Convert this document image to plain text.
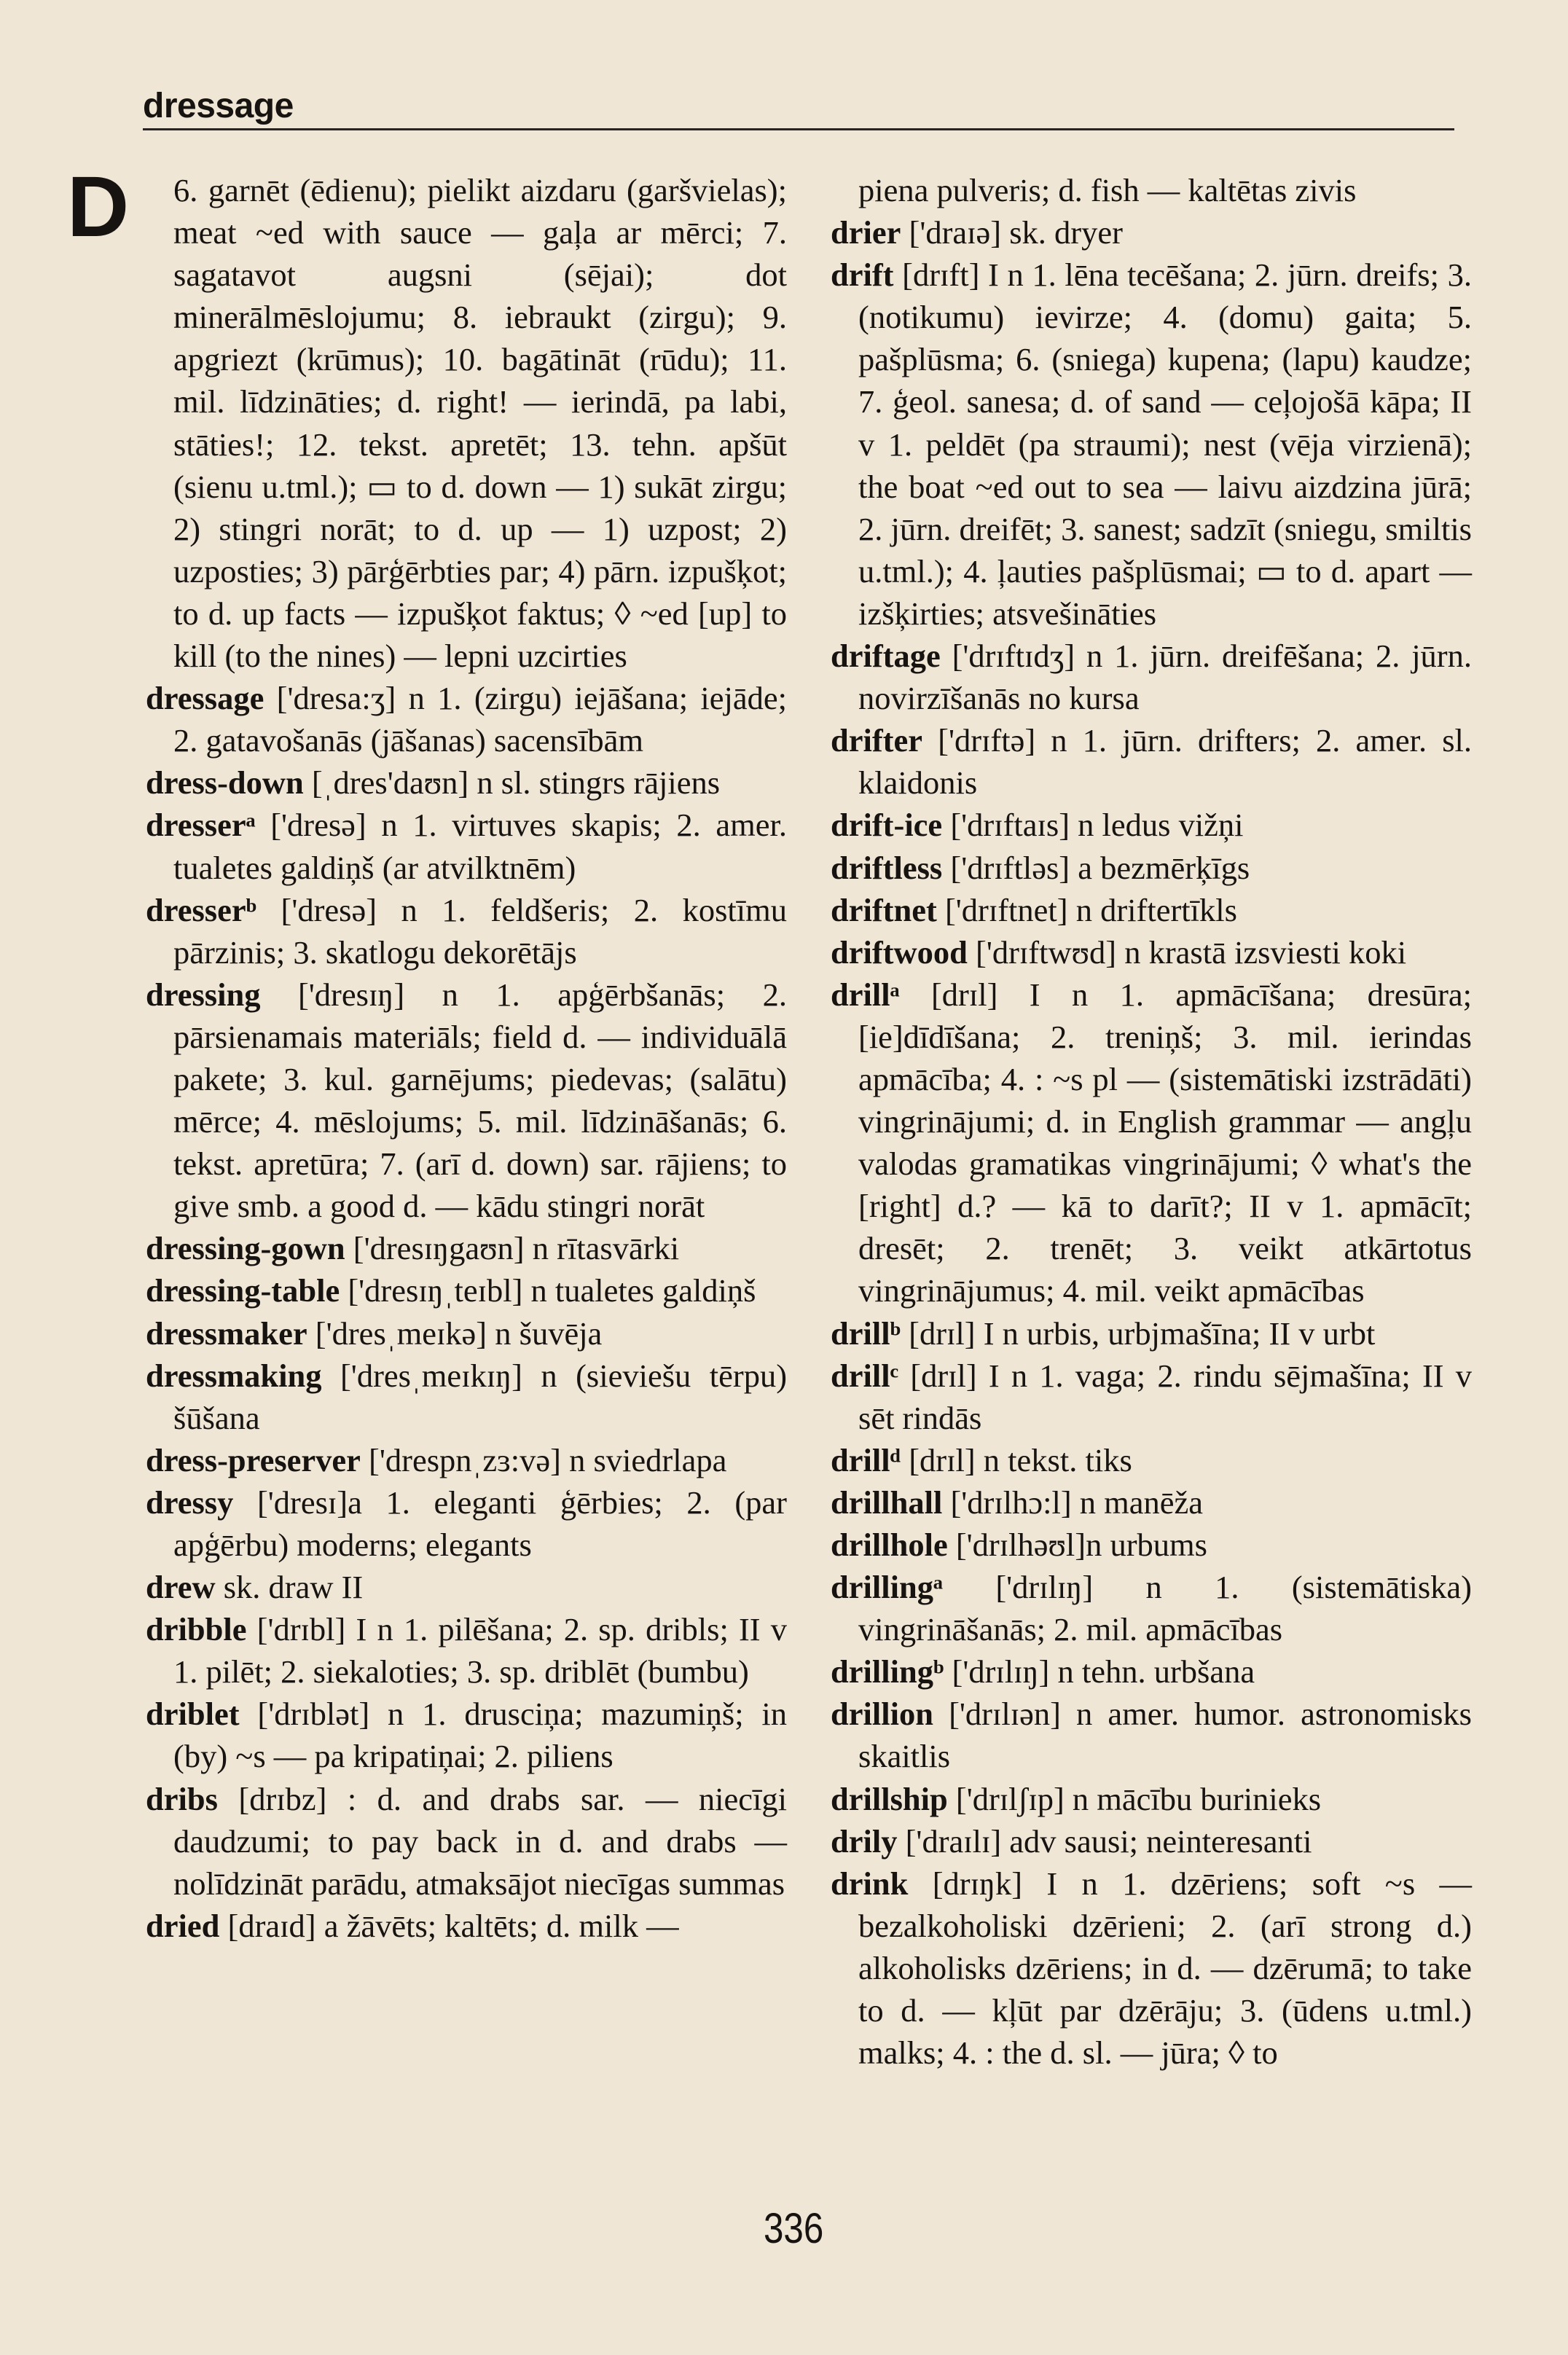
dressage
D	6. garnēt (ēdienu); pielikt aizdaru (garšvielas); meat ~ed with sauce — gaļa ar mērci; 7. sagatavot augsni (sējai); dot minerālmēslojumu; 8. iebraukt (zirgu); 9. apgriezt (krūmus); 10. bagātināt (rūdu); 11. mil. līdzināties; d. right! — ierindā, pa labi, stāties!; 12. tekst. apretēt; 13. tehn. apšūt (sienu u.tml.); ▭ to d. down — 1) sukāt zirgu; 2) stingri norāt; to d. up — 1) uzpost; 2) uzposties; 3) pārģērbties par; 4) pārn. izpušķot; to d. up facts — izpušķot faktus; ◊ ~ed [up] to kill (to the nines) — lepni uzcirties
dressage ['dresa:ʒ] n 1. (zirgu) iejāšana; iejāde; 2. gatavošanās (jāšanas) sacensībām
dress-down [ˌdres'daʊn] n sl. stingrs rājiens
dresserᵃ ['dresə] n 1. virtuves skapis; 2. amer. tualetes galdiņš (ar atvilktnēm)
dresserᵇ ['dresə] n 1. feldšeris; 2. kostīmu pārzinis; 3. skatlogu dekorētājs
dressing ['dresɪŋ] n 1. apģērbšanās; 2. pārsienamais materiāls; field d. — individuālā pakete; 3. kul. garnējums; piedevas; (salātu) mērce; 4. mēslojums; 5. mil. līdzināšanās; 6. tekst. apretūra; 7. (arī d. down) sar. rājiens; to give smb. a good d. — kādu stingri norāt
dressing-gown ['dresɪŋgaʊn] n rītasvārki
dressing-table ['dresɪŋˌteɪbl] n tualetes galdiņš
dressmaker ['dresˌmeɪkə] n šuvēja
dressmaking ['dresˌmeɪkɪŋ] n (sieviešu tērpu) šūšana
dress-preserver ['drespnˌzɜ:və] n sviedrlapa
dressy ['dresɪ]a 1. eleganti ģērbies; 2. (par apģērbu) moderns; elegants
drew sk. draw II
dribble ['drɪbl] I n 1. pilēšana; 2. sp. dribls; II v 1. pilēt; 2. siekaloties; 3. sp. driblēt (bumbu)
driblet ['drɪblət] n 1. drusciņa; mazumiņš; in (by) ~s — pa kripatiņai; 2. piliens
dribs [drɪbz] : d. and drabs sar. — niecīgi daudzumi; to pay back in d. and drabs — nolīdzināt parādu, atmaksājot niecīgas summas
dried [draɪd] a žāvēts; kaltēts; d. milk —
piena pulveris; d. fish — kaltētas zivis
drier ['draɪə] sk. dryer
drift [drɪft] I n 1. lēna tecēšana; 2. jūrn. dreifs; 3. (notikumu) ievirze; 4. (domu) gaita; 5. pašplūsma; 6. (sniega) kupena; (lapu) kaudze; 7. ģeol. sanesa; d. of sand — ceļojošā kāpa; II v 1. peldēt (pa straumi); nest (vēja virzienā); the boat ~ed out to sea — laivu aizdzina jūrā; 2. jūrn. dreifēt; 3. sanest; sadzīt (sniegu, smiltis u.tml.); 4. ļauties pašplūsmai; ▭ to d. apart — izšķirties; atsvešināties
driftage ['drɪftɪdʒ] n 1. jūrn. dreifēšana; 2. jūrn. novirzīšanās no kursa
drifter ['drɪftə] n 1. jūrn. drifters; 2. amer. sl. klaidonis
drift-ice ['drɪftaɪs] n ledus vižņi
driftless ['drɪftləs] a bezmērķīgs
driftnet ['drɪftnet] n driftertīkls
driftwood ['drɪftwʊd] n krastā izsviesti koki
drillᵃ [drɪl] I n 1. apmācīšana; dresūra; [ie]dīdīšana; 2. treniņš; 3. mil. ierindas apmācība; 4. : ~s pl — (sistemātiski izstrādāti) vingrinājumi; d. in English grammar — angļu valodas gramatikas vingrinājumi; ◊ what's the [right] d.? — kā to darīt?; II v 1. apmācīt; dresēt; 2. trenēt; 3. veikt atkārtotus vingrinājumus; 4. mil. veikt apmācības
drillᵇ [drɪl] I n urbis, urbjmašīna; II v urbt
drillᶜ [drɪl] I n 1. vaga; 2. rindu sējmašīna; II v sēt rindās
drillᵈ [drɪl] n tekst. tiks
drillhall ['drɪlhɔ:l] n manēža
drillhole ['drɪlhəʊl]n urbums
drillingᵃ ['drɪlɪŋ] n 1. (sistemātiska) vingrināšanās; 2. mil. apmācības
drillingᵇ ['drɪlɪŋ] n tehn. urbšana
drillion ['drɪlɪən] n amer. humor. astronomisks skaitlis
drillship ['drɪlʃɪp] n mācību burinieks
drily ['draɪlɪ] adv sausi; neinteresanti
drink [drɪŋk] I n 1. dzēriens; soft ~s — bezalkoholiski dzērieni; 2. (arī strong d.) alkoholisks dzēriens; in d. — dzērumā; to take to d. — kļūt par dzērāju; 3. (ūdens u.tml.) malks; 4. : the d. sl. — jūra; ◊ to
336
